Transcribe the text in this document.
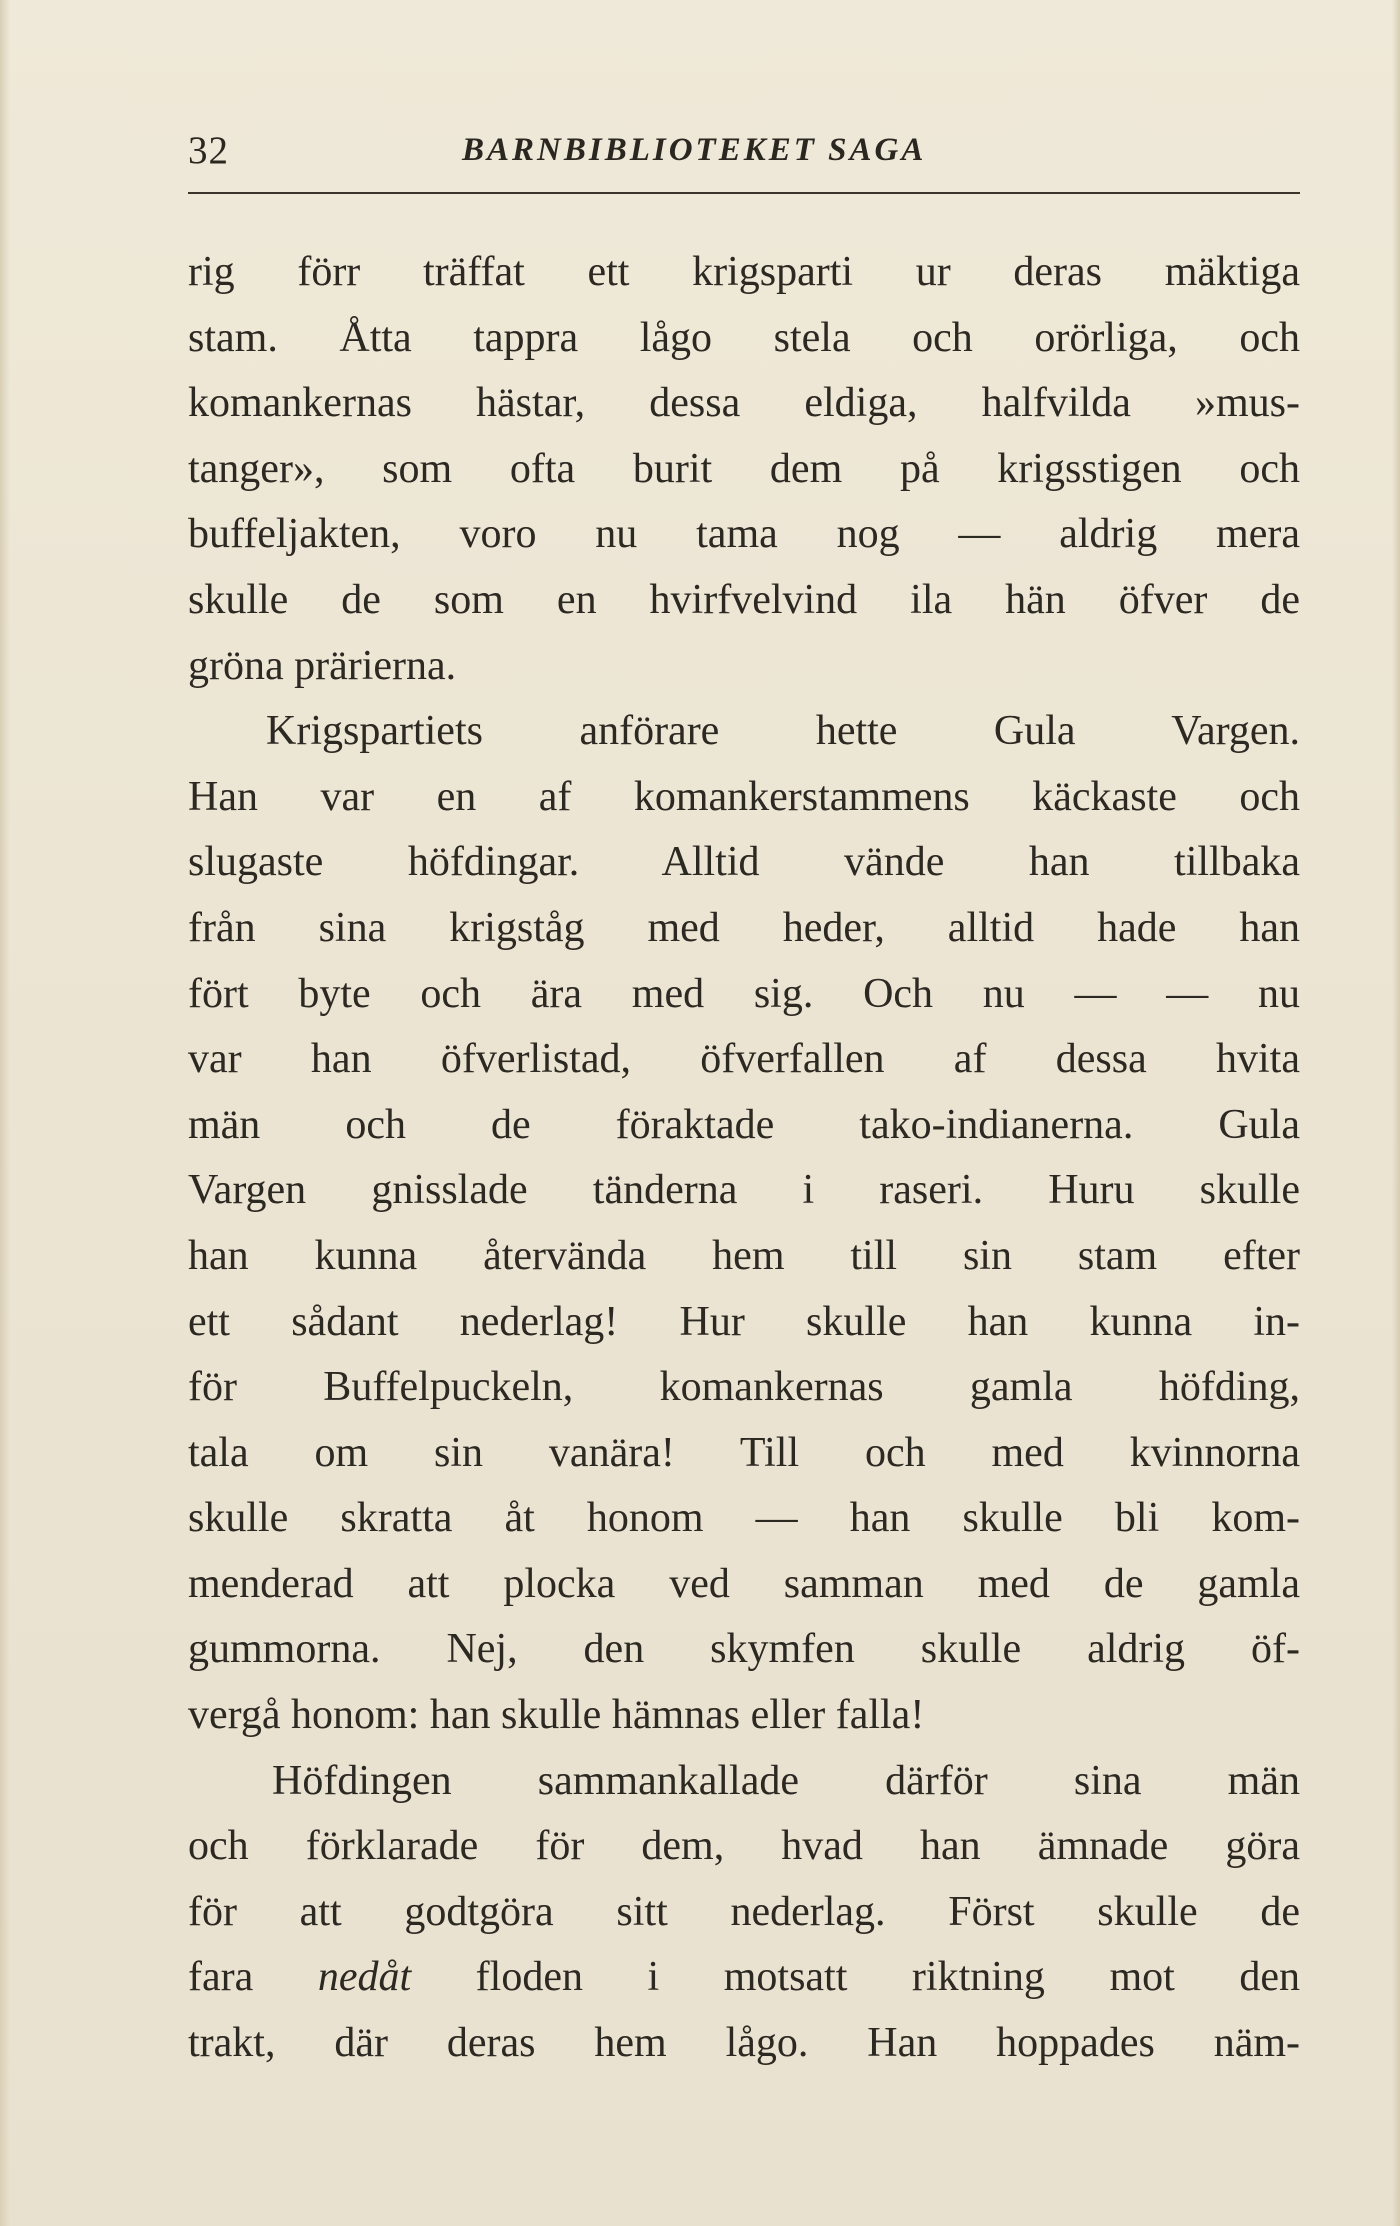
32	BARNBIBLIOTEKET SAGA
rig förr träffat ett krigsparti ur deras mäktiga
stam. Åtta tappra lågo stela och orörliga, och
komankernas hästar, dessa eldiga, halfvilda »mus-
tanger», som ofta burit dem på krigsstigen och
buffeljakten, voro nu tama nog — aldrig mera
skulle de som en hvirfvelvind ila hän öfver de
gröna prärierna.
Krigspartiets anförare hette Gula Vargen.
Han var en af komankerstammens käckaste och
slugaste höfdingar. Alltid vände han tillbaka
från sina krigståg med heder, alltid hade han
fört byte och ära med sig. Och nu — — nu
var han öfverlistad, öfverfallen af dessa hvita
män och de föraktade tako-indianerna. Gula
Vargen gnisslade tänderna i raseri. Huru skulle
han kunna återvända hem till sin stam efter
ett sådant nederlag! Hur skulle han kunna in-
för Buffelpuckeln, komankernas gamla höfding,
tala om sin vanära! Till och med kvinnorna
skulle skratta åt honom — han skulle bli kom-
menderad att plocka ved samman med de gamla
gummorna. Nej, den skymfen skulle aldrig öf-
vergå honom: han skulle hämnas eller falla!
Höfdingen sammankallade därför sina män
och förklarade för dem, hvad han ämnade göra
för att godtgöra sitt nederlag. Först skulle de
fara nedåt floden i motsatt riktning mot den
trakt, där deras hem lågo. Han hoppades näm-
